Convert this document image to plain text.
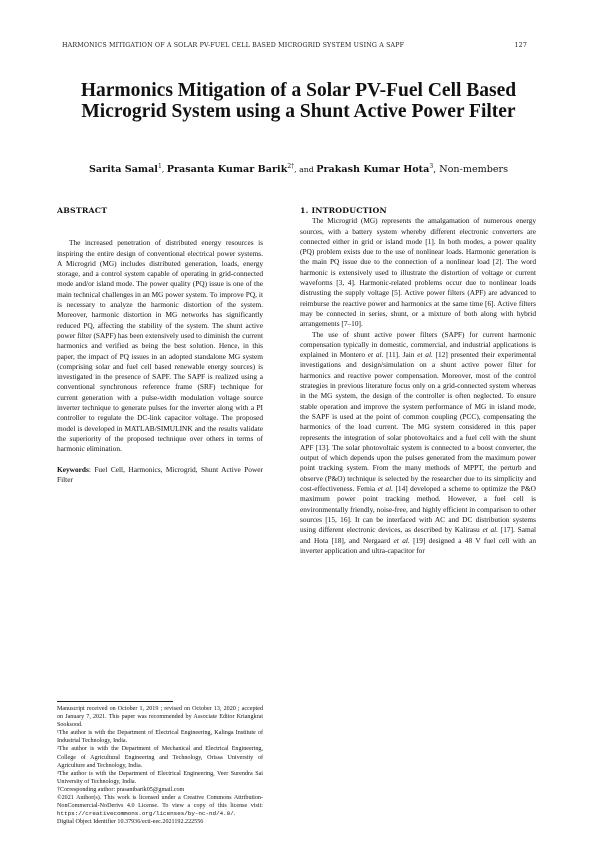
HARMONICS MITIGATION OF A SOLAR PV-FUEL CELL BASED MICROGRID SYSTEM USING A SAPF	127
Harmonics Mitigation of a Solar PV-Fuel Cell Based Microgrid System using a Shunt Active Power Filter
Sarita Samal$^1$, Prasanta Kumar Barik$^{2\dagger}$, and Prakash Kumar Hota$^3$, Non-members

ABSTRACT

The increased penetration of distributed energy resources is inspiring the entire design of conventional electrical power systems. A Microgrid (MG) includes distributed generation, loads, energy storage, and a control system capable of operating in grid-connected mode and/or island mode. The power quality (PQ) issue is one of the main technical challenges in an MG power system. To improve PQ, it is necessary to analyze the harmonic distortion of the system. Moreover, harmonic distortion in MG networks has significantly reduced PQ, affecting the stability of the system. The shunt active power filter (SAPF) has been extensively used to diminish the current harmonics and verified as being the best solution. Hence, in this paper, the impact of PQ issues in an adopted standalone MG system (comprising solar and fuel cell based renewable energy sources) is investigated in the presence of SAPF. The SAPF is realized using a conventional synchronous reference frame (SRF) technique for current generation with a pulse-width modulation voltage source inverter technique to generate pulses for the inverter along with a PI controller to regulate the DC-link capacitor voltage. The proposed model is developed in MATLAB/SIMULINK and the results validate the superiority of the proposed technique over others in terms of harmonic elimination.

Keywords: Fuel Cell, Harmonics, Microgrid, Shunt Active Power Filter

Manuscript received on October 1, 2019 ; revised on October 13, 2020 ; accepted on January 7, 2021. This paper was recommended by Associate Editor Kriangkrai Sooksood.

¹The author is with the Department of Electrical Engineering, Kalinga Institute of Industrial Technology, India.

²The author is with the Department of Mechanical and Electrical Engineering, College of Agricultural Engineering and Technology, Orissa University of Agriculture and Technology, India.

³The author is with the Department of Electrical Engineering, Veer Surendra Sai University of Technology, India.

†Corresponding author: prasantbarik05@gmail.com

©2021 Author(s). This work is licensed under a Creative Commons Attribution-NonCommercial-NoDerivs 4.0 License. To view a copy of this license visit: https://creativecommons.org/licenses/by-nc-nd/4.0/.

Digital Object Identifier 10.37936/ecti-eec.2021192.222556

1. INTRODUCTION

The Microgrid (MG) represents the amalgamation of numerous energy sources, with a battery system whereby different electronic converters are connected either in grid or island mode [1]. In both modes, a power quality (PQ) problem exists due to the use of nonlinear loads. Harmonic generation is the main PQ issue due to the connection of a nonlinear load [2]. The word harmonic is extensively used to illustrate the distortion of voltage or current waveforms [3, 4]. Harmonic-related problems occur due to nonlinear loads distrusting the supply voltage [5]. Active power filters (APF) are advanced to reimburse the reactive power and harmonics at the same time [6]. Active filters may be connected in series, shunt, or a mixture of both along with hybrid arrangements [7–10].

The use of shunt active power filters (SAPF) for current harmonic compensation typically in domestic, commercial, and industrial applications is explained in Montero et al. [11]. Jain et al. [12] presented their experimental investigations and design/simulation on a shunt active power filter for harmonics and reactive power compensation. Moreover, most of the control strategies in previous literature focus only on a grid-connected system whereas in the MG system, the design of the controller is often neglected. To ensure stable operation and improve the system performance of MG in island mode, the SAPF is used at the point of common coupling (PCC), compensating the harmonics of the load current. The MG system considered in this paper represents the integration of solar photovoltaics and a fuel cell with the shunt APF [13]. The solar photovoltaic system is connected to a boost converter, the output of which depends upon the pulses generated from the maximum power point tracking system. From the many methods of MPPT, the perturb and observe (P&O) technique is selected by the researcher due to its simplicity and cost-effectiveness. Femia et al. [14] developed a scheme to optimize the P&O maximum power point tracking method. However, a fuel cell is environmentally friendly, noise-free, and highly efficient in comparison to other sources [15, 16]. It can be interfaced with AC and DC distribution systems using different electronic devices, as described by Kalirasu et al. [17]. Samal and Hota [18], and Nergaard et al. [19] designed a 48 V fuel cell with an inverter application and ultra-capacitor for
